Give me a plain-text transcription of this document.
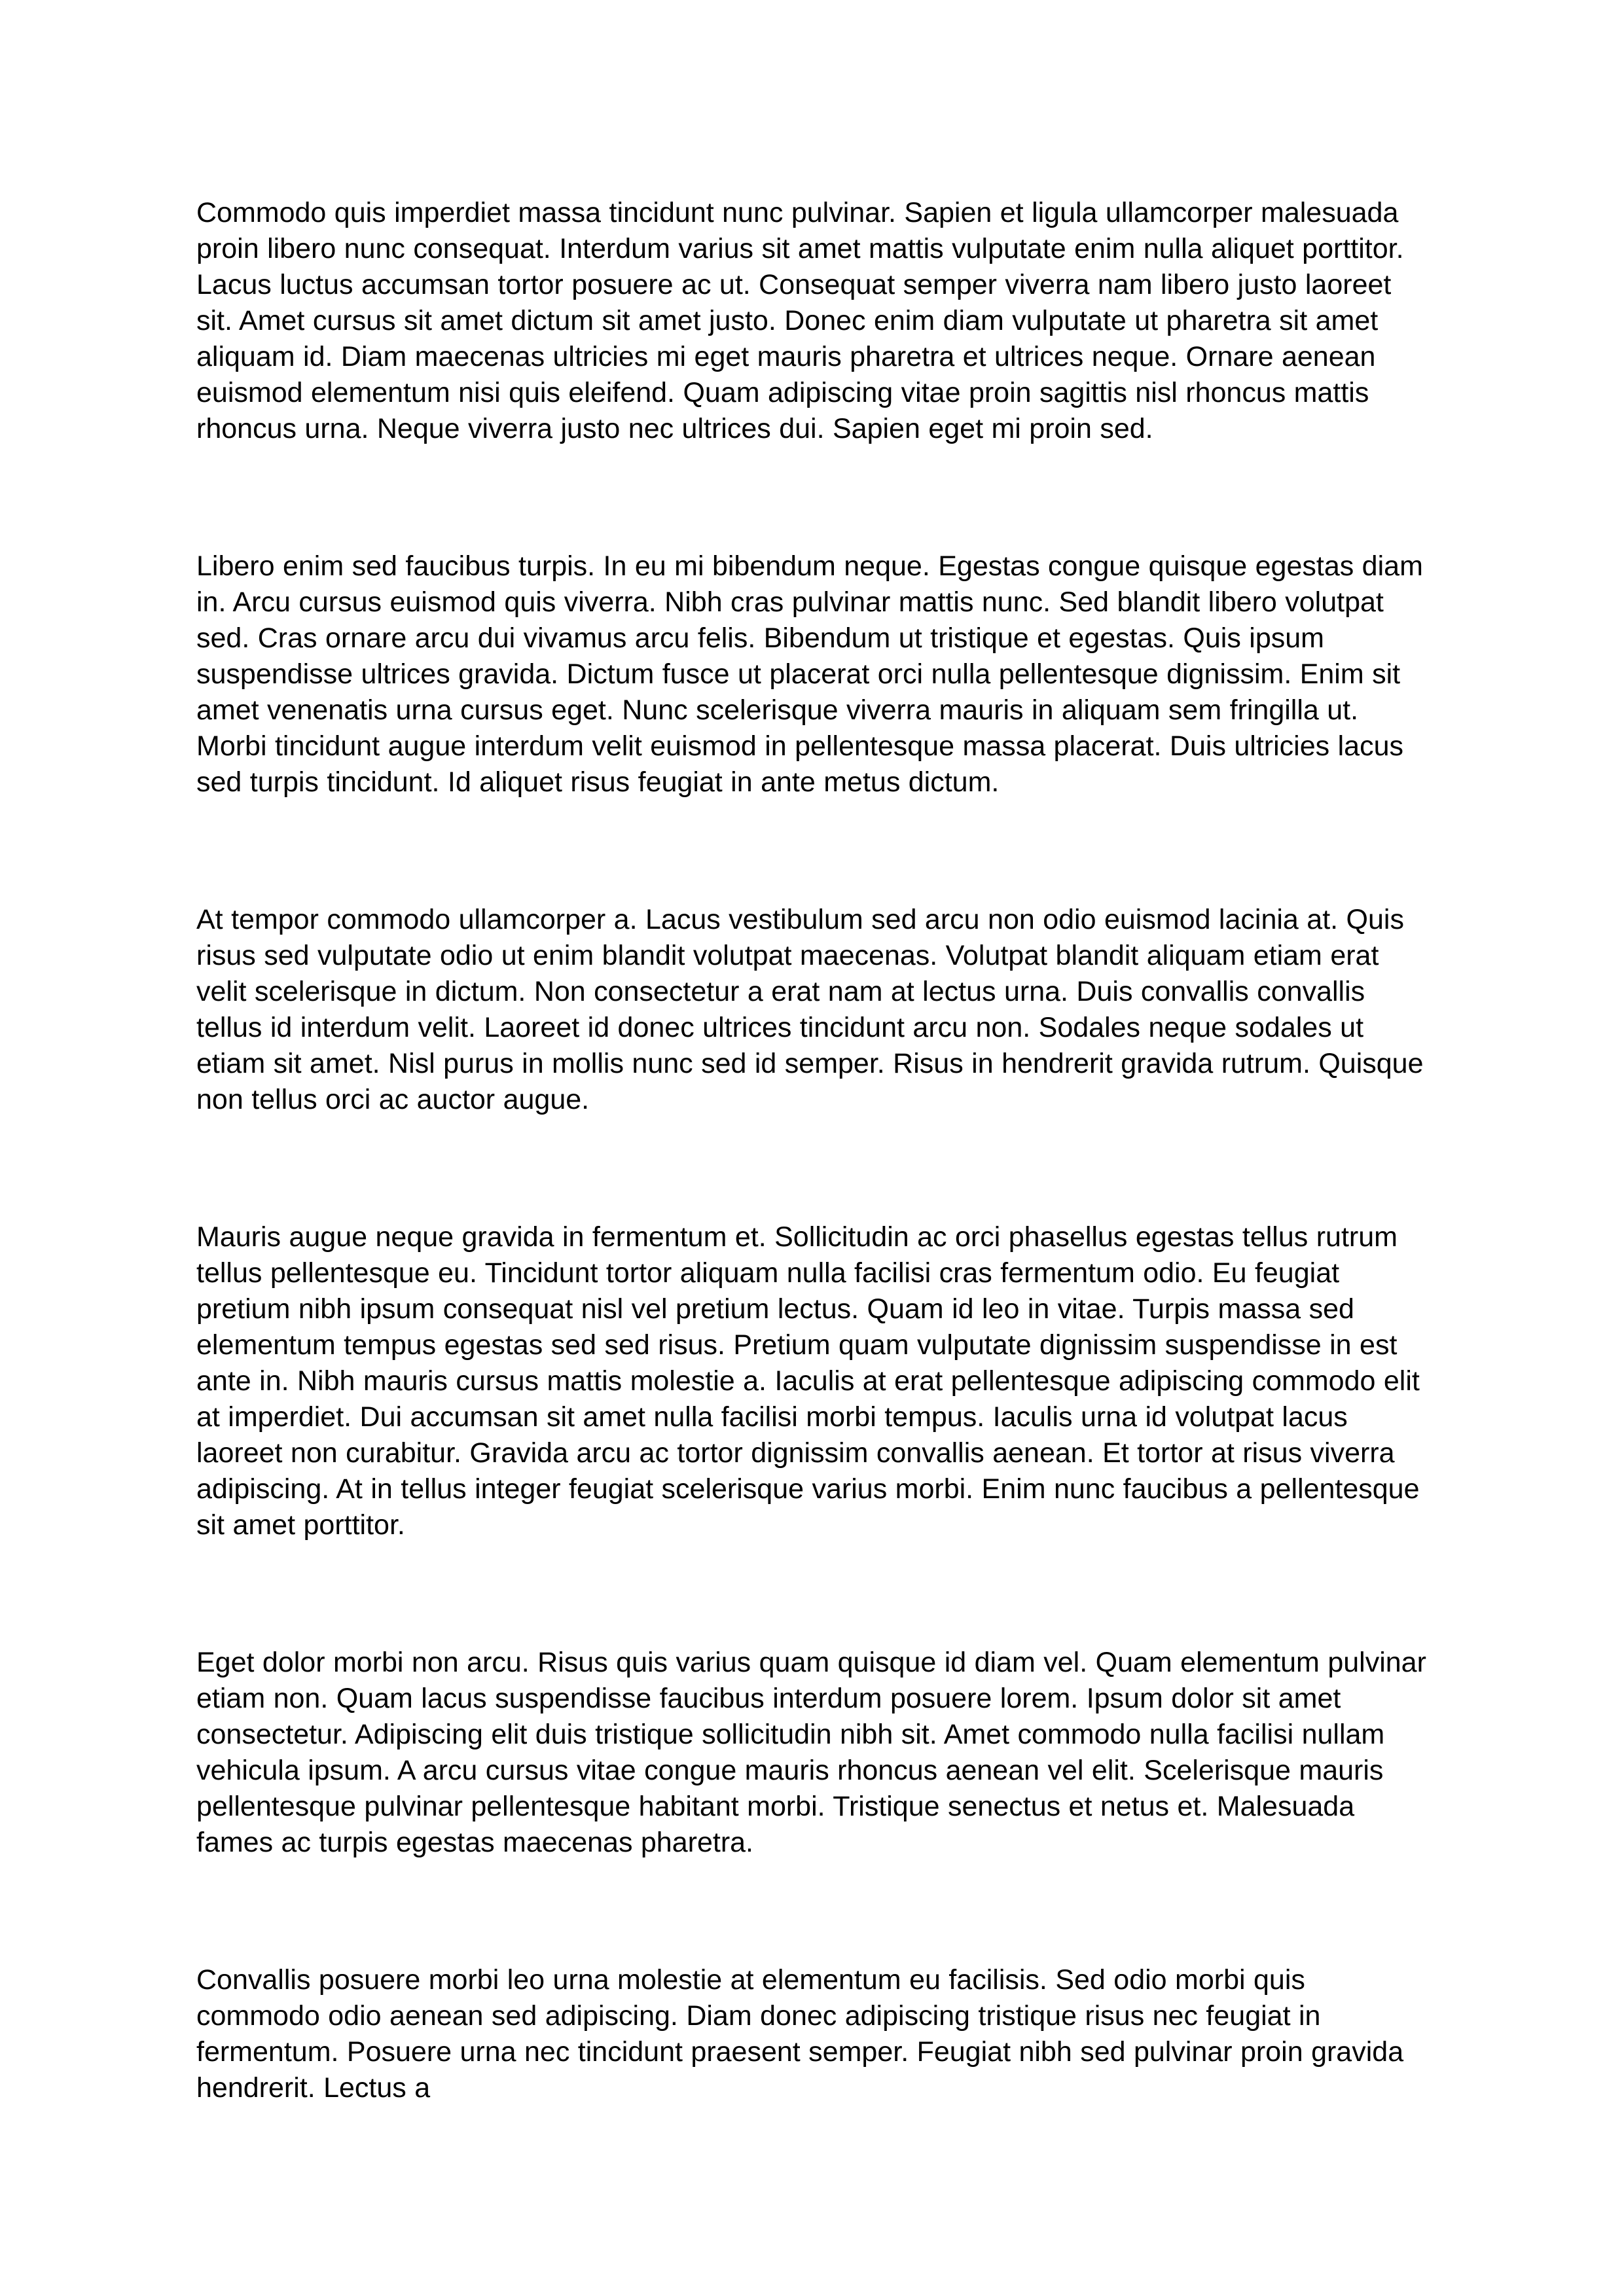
Commodo quis imperdiet massa tincidunt nunc pulvinar. Sapien et ligula ullamcorper malesuada proin libero nunc consequat. Interdum varius sit amet mattis vulputate enim nulla aliquet porttitor. Lacus luctus accumsan tortor posuere ac ut. Consequat semper viverra nam libero justo laoreet sit. Amet cursus sit amet dictum sit amet justo. Donec enim diam vulputate ut pharetra sit amet aliquam id. Diam maecenas ultricies mi eget mauris pharetra et ultrices neque. Ornare aenean euismod elementum nisi quis eleifend. Quam adipiscing vitae proin sagittis nisl rhoncus mattis rhoncus urna. Neque viverra justo nec ultrices dui. Sapien eget mi proin sed.

Libero enim sed faucibus turpis. In eu mi bibendum neque. Egestas congue quisque egestas diam in. Arcu cursus euismod quis viverra. Nibh cras pulvinar mattis nunc. Sed blandit libero volutpat sed. Cras ornare arcu dui vivamus arcu felis. Bibendum ut tristique et egestas. Quis ipsum suspendisse ultrices gravida. Dictum fusce ut placerat orci nulla pellentesque dignissim. Enim sit amet venenatis urna cursus eget. Nunc scelerisque viverra mauris in aliquam sem fringilla ut. Morbi tincidunt augue interdum velit euismod in pellentesque massa placerat. Duis ultricies lacus sed turpis tincidunt. Id aliquet risus feugiat in ante metus dictum.

At tempor commodo ullamcorper a. Lacus vestibulum sed arcu non odio euismod lacinia at. Quis risus sed vulputate odio ut enim blandit volutpat maecenas. Volutpat blandit aliquam etiam erat velit scelerisque in dictum. Non consectetur a erat nam at lectus urna. Duis convallis convallis tellus id interdum velit. Laoreet id donec ultrices tincidunt arcu non. Sodales neque sodales ut etiam sit amet. Nisl purus in mollis nunc sed id semper. Risus in hendrerit gravida rutrum. Quisque non tellus orci ac auctor augue.

Mauris augue neque gravida in fermentum et. Sollicitudin ac orci phasellus egestas tellus rutrum tellus pellentesque eu. Tincidunt tortor aliquam nulla facilisi cras fermentum odio. Eu feugiat pretium nibh ipsum consequat nisl vel pretium lectus. Quam id leo in vitae. Turpis massa sed elementum tempus egestas sed sed risus. Pretium quam vulputate dignissim suspendisse in est ante in. Nibh mauris cursus mattis molestie a. Iaculis at erat pellentesque adipiscing commodo elit at imperdiet. Dui accumsan sit amet nulla facilisi morbi tempus. Iaculis urna id volutpat lacus laoreet non curabitur. Gravida arcu ac tortor dignissim convallis aenean. Et tortor at risus viverra adipiscing. At in tellus integer feugiat scelerisque varius morbi. Enim nunc faucibus a pellentesque sit amet porttitor.

Eget dolor morbi non arcu. Risus quis varius quam quisque id diam vel. Quam elementum pulvinar etiam non. Quam lacus suspendisse faucibus interdum posuere lorem. Ipsum dolor sit amet consectetur. Adipiscing elit duis tristique sollicitudin nibh sit. Amet commodo nulla facilisi nullam vehicula ipsum. A arcu cursus vitae congue mauris rhoncus aenean vel elit. Scelerisque mauris pellentesque pulvinar pellentesque habitant morbi. Tristique senectus et netus et. Malesuada fames ac turpis egestas maecenas pharetra.

Convallis posuere morbi leo urna molestie at elementum eu facilisis. Sed odio morbi quis commodo odio aenean sed adipiscing. Diam donec adipiscing tristique risus nec feugiat in fermentum. Posuere urna nec tincidunt praesent semper. Feugiat nibh sed pulvinar proin gravida hendrerit. Lectus a
